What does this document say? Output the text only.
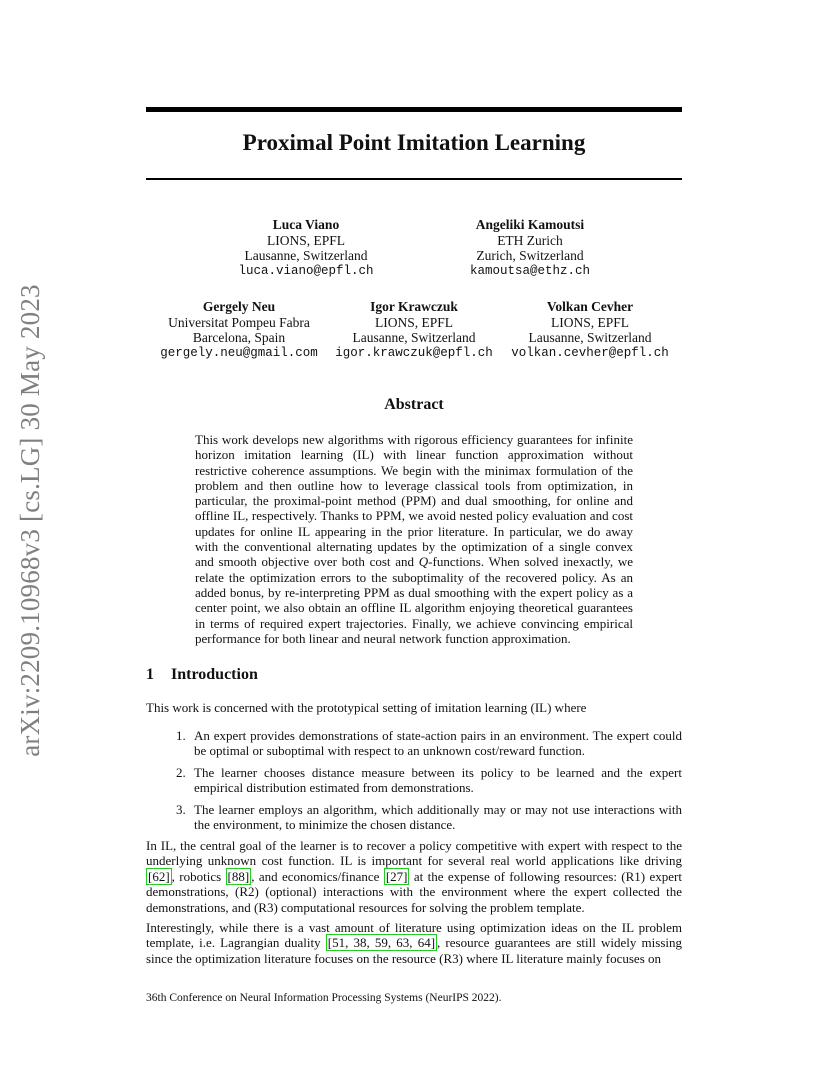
arXiv:2209.10968v3 [cs.LG] 30 May 2023
Proximal Point Imitation Learning
Luca Viano
LIONS, EPFL
Lausanne, Switzerland
luca.viano@epfl.ch
Angeliki Kamoutsi
ETH Zurich
Zurich, Switzerland
kamoutsa@ethz.ch
Gergely Neu
Universitat Pompeu Fabra
Barcelona, Spain
gergely.neu@gmail.com
Igor Krawczuk
LIONS, EPFL
Lausanne, Switzerland
igor.krawczuk@epfl.ch
Volkan Cevher
LIONS, EPFL
Lausanne, Switzerland
volkan.cevher@epfl.ch
Abstract
This work develops new algorithms with rigorous efficiency guarantees for infinite horizon imitation learning (IL) with linear function approximation without restrictive coherence assumptions. We begin with the minimax formulation of the problem and then outline how to leverage classical tools from optimization, in particular, the proximal-point method (PPM) and dual smoothing, for online and offline IL, respectively. Thanks to PPM, we avoid nested policy evaluation and cost updates for online IL appearing in the prior literature. In particular, we do away with the conventional alternating updates by the optimization of a single convex and smooth objective over both cost and Q-functions. When solved inexactly, we relate the optimization errors to the suboptimality of the recovered policy. As an added bonus, by re-interpreting PPM as dual smoothing with the expert policy as a center point, we also obtain an offline IL algorithm enjoying theoretical guarantees in terms of required expert trajectories. Finally, we achieve convincing empirical performance for both linear and neural network function approximation.
1 Introduction
This work is concerned with the prototypical setting of imitation learning (IL) where
1. An expert provides demonstrations of state-action pairs in an environment. The expert could be optimal or suboptimal with respect to an unknown cost/reward function.
2. The learner chooses distance measure between its policy to be learned and the expert empirical distribution estimated from demonstrations.
3. The learner employs an algorithm, which additionally may or may not use interactions with the environment, to minimize the chosen distance.
In IL, the central goal of the learner is to recover a policy competitive with expert with respect to the underlying unknown cost function. IL is important for several real world applications like driving [62] , robotics [88] , and economics/finance [27] at the expense of following resources: (R1) expert demonstrations, (R2) (optional) interactions with the environment where the expert collected the demonstrations, and (R3) computational resources for solving the problem template.
Interestingly, while there is a vast amount of literature using optimization ideas on the IL problem template, i.e. Lagrangian duality [51, 38, 59, 63, 64] , resource guarantees are still widely missing since the optimization literature focuses on the resource (R3) where IL literature mainly focuses on
36th Conference on Neural Information Processing Systems (NeurIPS 2022).
